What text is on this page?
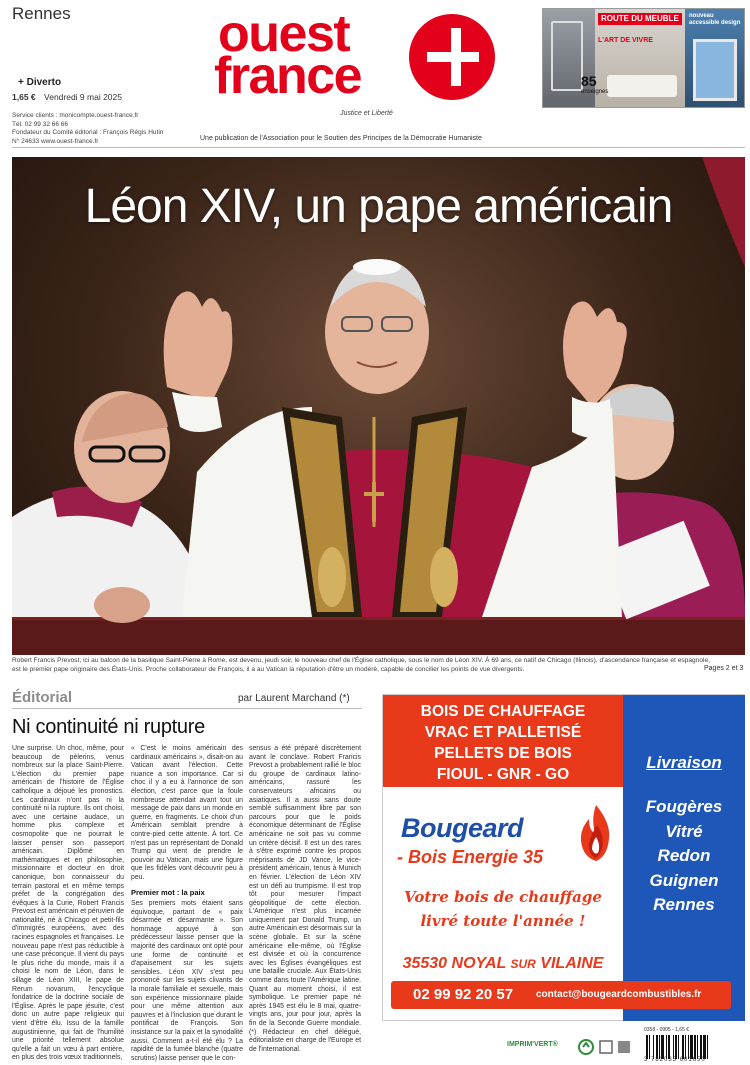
Rennes	ouest
france
Justice et Liberté
+ Diverto
1,65 € Vendredi 9 mai 2025
Service clients : monicompte.ouest-france.fr
Tél. 02 99 32 66 66
Fondateur du Comité éditorial : François Régis Hutin
N° 24633 www.ouest-france.fr	Une publication de l'Association pour le Soutien des Principes de la Démocratie Humaniste
ROUTE DU MEUBLE
L'ART DE VIVRE
nouveau accessible design
85
enseignes
Léon XIV, un pape américain
Robert Francis Prevost, ici au balcon de la basilique Saint-Pierre à Rome, est devenu, jeudi soir, le nouveau chef de l'Église catholique, sous le nom de Léon XIV. À 69 ans, ce natif de Chicago (Illinois), d'ascendance française et espagnole, est le premier pape originaire des États-Unis. Proche collaborateur de François, il a au Vatican la réputation d'être un modéré, capable de concilier les points de vue divergents.	Pages 2 et 3
Éditorial	par Laurent Marchand (*)
Ni continuité ni rupture

Une surprise. Un choc, même, pour beaucoup de pèlerins, venus nombreux sur la place Saint-Pierre. L'élection du premier pape américain de l'histoire de l'Église catholique a déjoué les pronostics. Les cardinaux n'ont pas ni la continuité ni la rupture. Ils ont choisi, avec une certaine audace, un homme plus complexe et cosmopolite que ne pourrait le laisser penser son passeport américain. Diplômé en mathématiques et en philosophie, missionnaire et docteur en droit canonique, bon connaisseur du terrain pastoral et en même temps préfet de la congrégation des évêques à la Curie, Robert Francis Prevost est américain et péruvien de nationalité, né à Chicago et petit-fils d'immigrés européens, avec des racines espagnoles et françaises. Le nouveau pape n'est pas réductible à une case préconçue. Il vient du pays le plus riche du monde, mais il a choisi le nom de Léon, dans le sillage de Léon XIII, le pape de Rerum novarum, l'encyclique fondatrice de la doctrine sociale de l'Église. Après le pape jésuite, c'est donc un autre pape religieux qui vient d'être élu. Issu de la famille augustinienne, qui fait de l'humilité une priorité tellement absolue qu'elle a fait un vœu à part entière, en plus des trois vœux traditionnels,

« C'est le moins américain des cardinaux américains », disait-on au Vatican avant l'élection. Cette nuance a son importance. Car si choc il y a eu à l'annonce de son élection, c'est parce que la foule nombreuse attendait avant tout un message de paix dans un monde en guerre, en fragments. Le choix d'un Américain semblait prendre à contre-pied cette attente. À tort. Ce n'est pas un représentant de Donald Trump qui vient de prendre le pouvoir au Vatican, mais une figure que les fidèles vont découvrir peu à peu.

Premier mot : la paix

Ses premiers mots étaient sans équivoque, partant de « paix désarmée et désarmante ». Son hommage appuyé à son prédécesseur laisse penser que la majorité des cardinaux ont opté pour une forme de continuité et d'apaisement sur les sujets sensibles. Léon XIV s'est peu prononcé sur les sujets clivants de la morale familiale et sexuelle, mais son expérience missionnaire plaide pour une même attention aux pauvres et à l'inclusion que durant le pontificat de François. Son insistance sur la paix et la synodalité aussi. Comment a-t-il été élu ? La rapidité de la fumée blanche (quatre scrutins) laisse penser que le con-

sensus a été préparé discrètement avant le conclave. Robert Francis Prevost a probablement rallié le bloc du groupe de cardinaux latino-américains, rassuré les conservateurs africains ou asiatiques. Il a aussi sans doute semblé suffisamment libre par son parcours pour que le poids économique déterminant de l'Église américaine ne soit pas vu comme un critère décisif. Il est un des rares à s'être exprimé contre les propos méprisants de JD Vance, le vice-président américain, tenus à Munich en février. L'élection de Léon XIV est un défi au trumpisme. Il est trop tôt pour mesurer l'impact géopolitique de cette élection. L'Amérique n'est plus incarnée uniquement par Donald Trump, un autre Américain est désormais sur la scène globale. Et sur la scène américaine elle-même, où l'Église est divisée et où la concurrence avec les Églises évangéliques est une bataille cruciale. Aux États-Unis comme dans toute l'Amérique latine. Quant au moment choisi, il est symbolique. Le premier pape né après 1945 est élu le 8 mai, quatre-vingts ans, jour pour jour, après la fin de la Seconde Guerre mondiale. (*) Rédacteur en chef délégué, éditorialiste en charge de l'Europe et de l'international.

BOIS DE CHAUFFAGE
VRAC ET PALLETISÉ
PELLETS DE BOIS
FIOUL - GNR - GO
Livraison
Fougères
Vitré
Redon
Guignen
Rennes
Bougeard
- Bois Energie 35
Votre bois de chauffage
livré toute l'année !
35530 NOYAL SUR VILAINE
02 99 92 20 57 contact@bougeardcombustibles.fr
IMPRIM'VERT®
0358 - 0905 - 1,65 €
3 782035 601650
